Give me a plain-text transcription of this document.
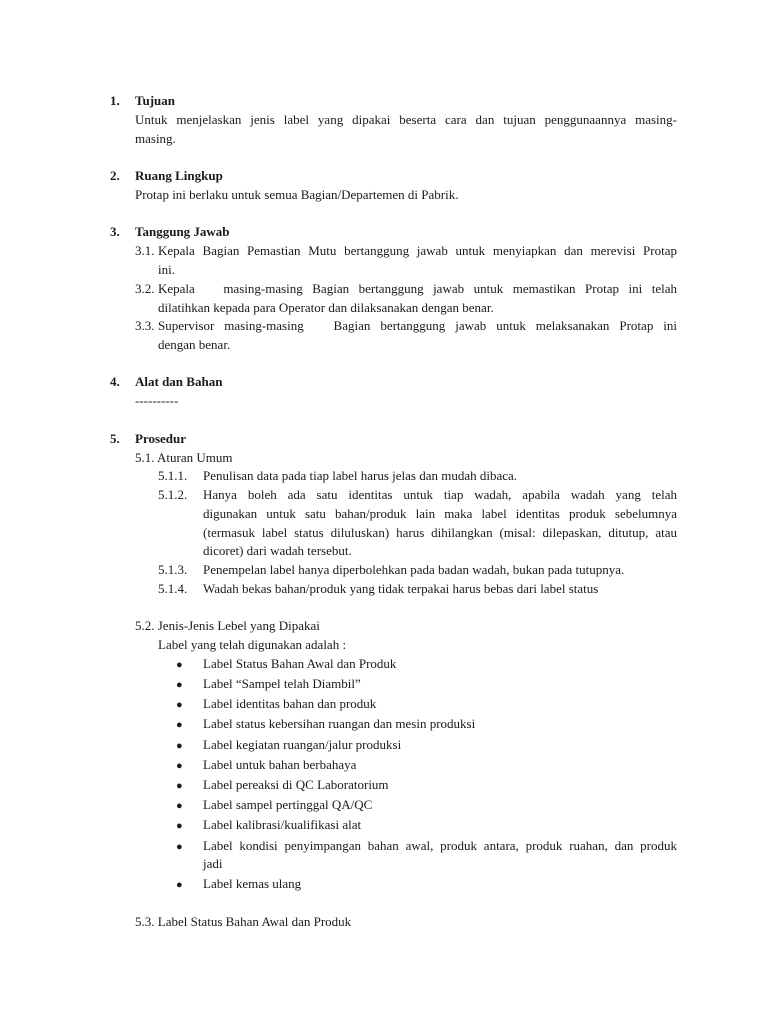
1. Tujuan
Untuk menjelaskan jenis label yang dipakai beserta cara dan tujuan penggunaannya masing-
masing.
2. Ruang Lingkup
Protap ini berlaku untuk semua Bagian/Departemen di Pabrik.
3. Tanggung Jawab
3.1. Kepala Bagian Pemastian Mutu bertanggung jawab untuk menyiapkan dan merevisi Protap
ini.
3.2. Kepala   masing-masing Bagian bertanggung jawab untuk memastikan Protap ini telah
dilatihkan kepada para Operator dan dilaksanakan dengan benar.
3.3. Supervisor masing-masing   Bagian bertanggung jawab untuk melaksanakan Protap ini
dengan benar.
4. Alat dan Bahan
----------
5. Prosedur
5.1. Aturan Umum
5.1.1. Penulisan data pada tiap label harus jelas dan mudah dibaca.
5.1.2. Hanya boleh ada satu identitas untuk tiap wadah, apabila wadah yang telah
digunakan untuk satu bahan/produk lain maka label identitas produk sebelumnya
(termasuk label status diluluskan) harus dihilangkan (misal: dilepaskan, ditutup, atau
dicoret) dari wadah tersebut.
5.1.3. Penempelan label hanya diperbolehkan pada badan wadah, bukan pada tutupnya.
5.1.4. Wadah bekas bahan/produk yang tidak terpakai harus bebas dari label status
5.2. Jenis-Jenis Lebel yang Dipakai
Label yang telah digunakan adalah :
● Label Status Bahan Awal dan Produk
● Label “Sampel telah Diambil”
● Label identitas bahan dan produk
● Label status kebersihan ruangan dan mesin produksi
● Label kegiatan ruangan/jalur produksi
● Label untuk bahan berbahaya
● Label pereaksi di QC Laboratorium
● Label sampel pertinggal QA/QC
● Label kalibrasi/kualifikasi alat
● Label kondisi penyimpangan bahan awal, produk antara, produk ruahan, dan produk
jadi
● Label kemas ulang
5.3. Label Status Bahan Awal dan Produk
